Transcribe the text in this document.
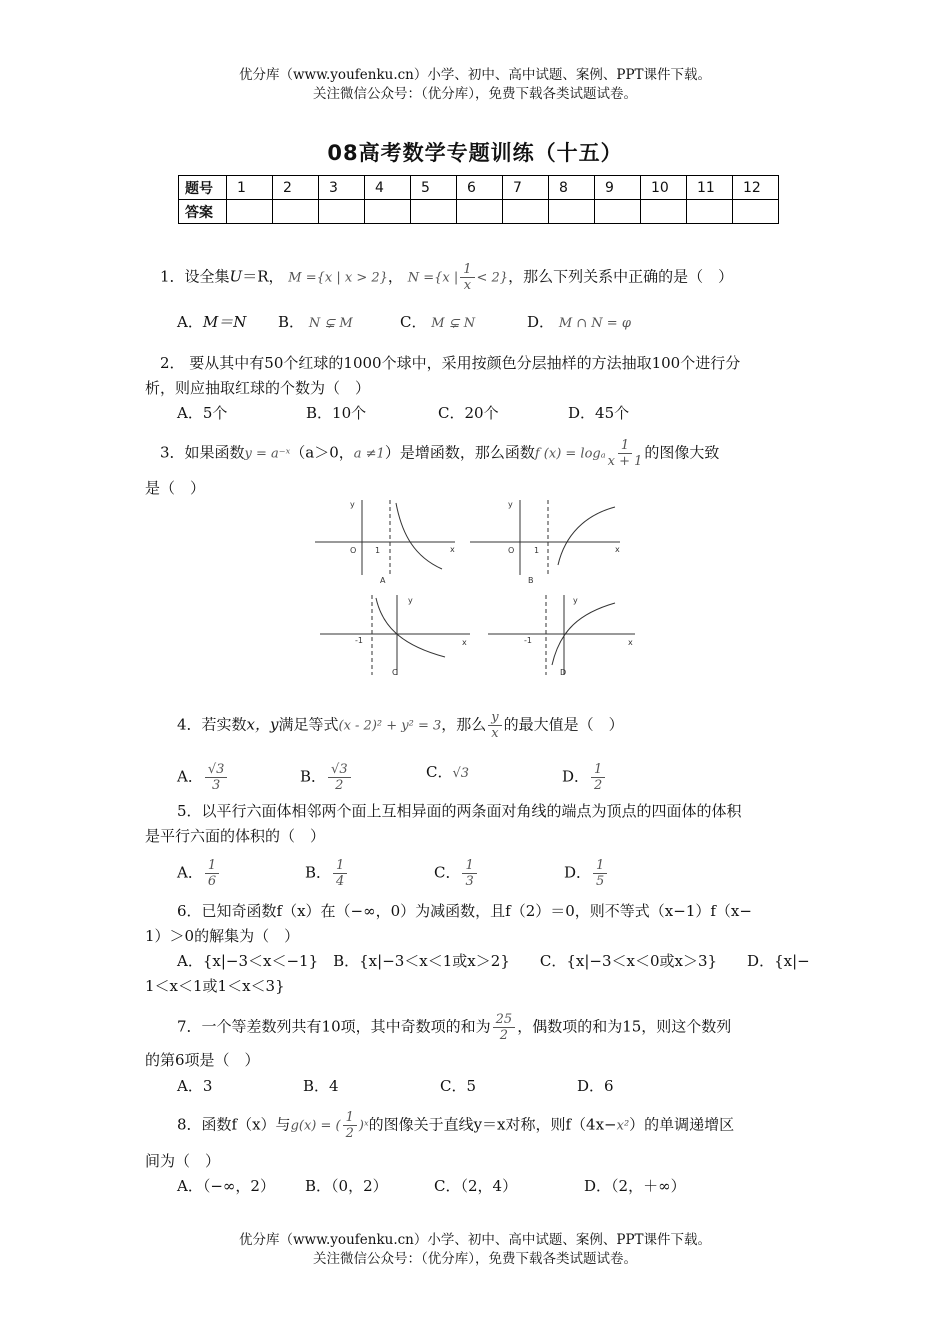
优分库（www.youfenku.cn）小学、初中、高中试题、案例、PPT课件下载。
关注微信公众号：（优分库），免费下载各类试题试卷。
08高考数学专题训练（十五）
题号	1	2	3	4	5	6	7	8	9	10	11	12
答案												
1．设全集U＝R， M ={x | x > 2}， N ={x | $\frac{1}{x} < 2$}，那么下列关系中正确的是（　）
A．M＝N B． N ⊊ M	C． M ⊊ N	D． M ∩ N = φ
2． 要从其中有50个红球的1000个球中，采用按颜色分层抽样的方法抽取100个进行分
析，则应抽取红球的个数为（　）
A．5个	B．10个	C．20个	D．45个
3．如果函数y = a⁻ˣ（a＞0，a ≠1）是增函数，那么函数f (x) = logₐ $\frac{1}{x + 1}$ 的图像大致
是（　）
y
x
O 1
A
y
x
O 1
B
y
x
-1
C
y
x
-1
D
4．若实数x，y满足等式(x - 2)² + y² = 3，那么 $\frac{y}{x}$ 的最大值是（　）
A． $\frac{√3}{3}$	B． $\frac{√3}{2}$	C．√3	D． $\frac{1}{2}$
5．以平行六面体相邻两个面上互相异面的两条面对角线的端点为顶点的四面体的体积
是平行六面的体积的（　）
A． $\frac{1}{6}$	B． $\frac{1}{4}$	C． $\frac{1}{3}$	D． $\frac{1}{5}$
6．已知奇函数f（x）在（−∞，0）为减函数，且f（2）＝0，则不等式（x−1）f（x−
1）＞0的解集为（　）
A．{x|−3＜x＜−1}　B．{x|−3＜x＜1或x＞2}　　C．{x|−3＜x＜0或x＞3}　　D．{x|−
1＜x＜1或1＜x＜3}
7．一个等差数列共有10项，其中奇数项的和为 $\frac{25}{2}$ ，偶数项的和为15，则这个数列
的第6项是（　）
A．3	B．4	C．5	D．6
8．函数f（x）与g(x) = ( $\frac{1}{2}$ )ˣ的图像关于直线y＝x对称，则f（4x−x²）的单调递增区
间为（　）
A．（−∞，2） B．（0，2）	C．（2，4）	D．（2，＋∞）
优分库（www.youfenku.cn）小学、初中、高中试题、案例、PPT课件下载。
关注微信公众号：（优分库），免费下载各类试题试卷。
